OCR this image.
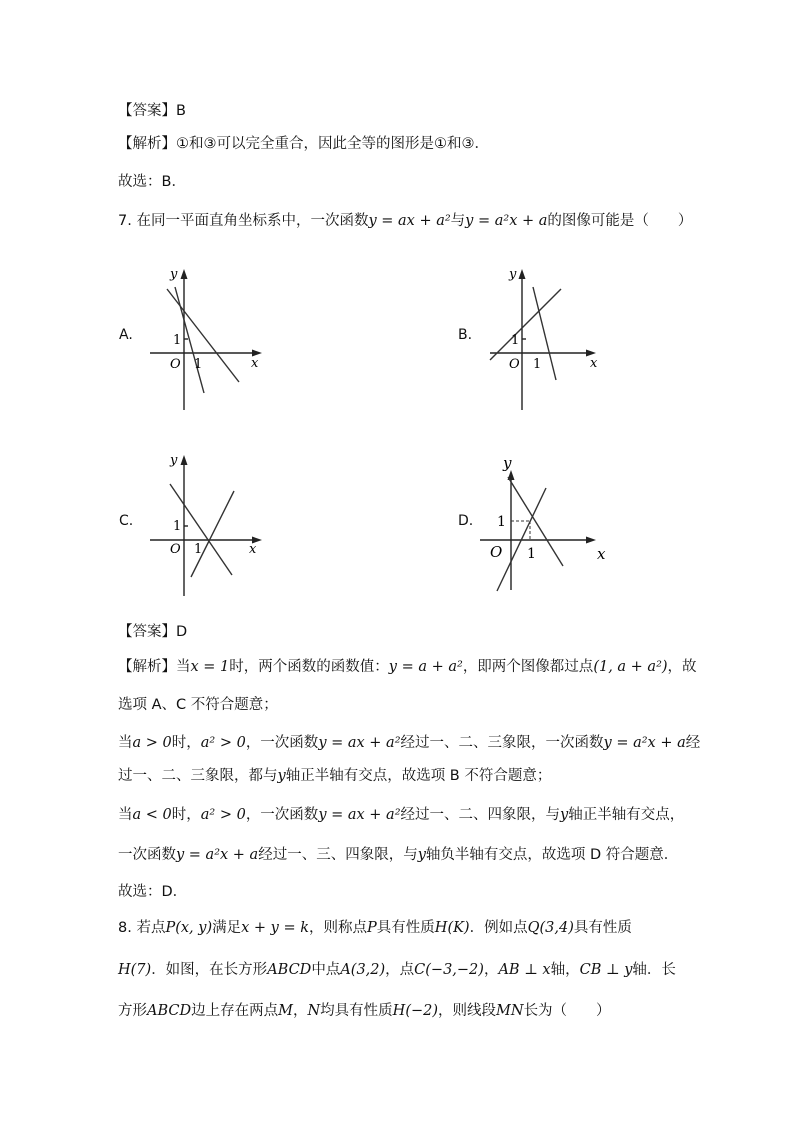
【答案】B
【解析】①和③可以完全重合，因此全等的图形是①和③．
故选：B．
7. 在同一平面直角坐标系中，一次函数y = ax + a²与y = a²x + a的图像可能是（　　）
A.	B.
C.	D.
x
y
O 1
1
x
y
O 1
1
x
y
O 1
1
x
y
O 1
1
【答案】D
【解析】当x = 1时，两个函数的函数值：y = a + a²，即两个图像都过点(1, a + a²)，故
选项 A、C 不符合题意；
当a > 0时，a² > 0，一次函数y = ax + a²经过一、二、三象限，一次函数y = a²x + a经
过一、二、三象限，都与y轴正半轴有交点，故选项 B 不符合题意；
当a < 0时，a² > 0，一次函数y = ax + a²经过一、二、四象限，与y轴正半轴有交点，
一次函数y = a²x + a经过一、三、四象限，与y轴负半轴有交点，故选项 D 符合题意．
故选：D．
8. 若点P(x, y)满足x + y = k，则称点P具有性质H(K)．例如点Q(3,4)具有性质
H(7)．如图，在长方形ABCD中点A(3,2)，点C(−3,−2)，AB ⊥ x轴，CB ⊥ y轴．长
方形ABCD边上存在两点M，N均具有性质H(−2)，则线段MN长为（　　）
